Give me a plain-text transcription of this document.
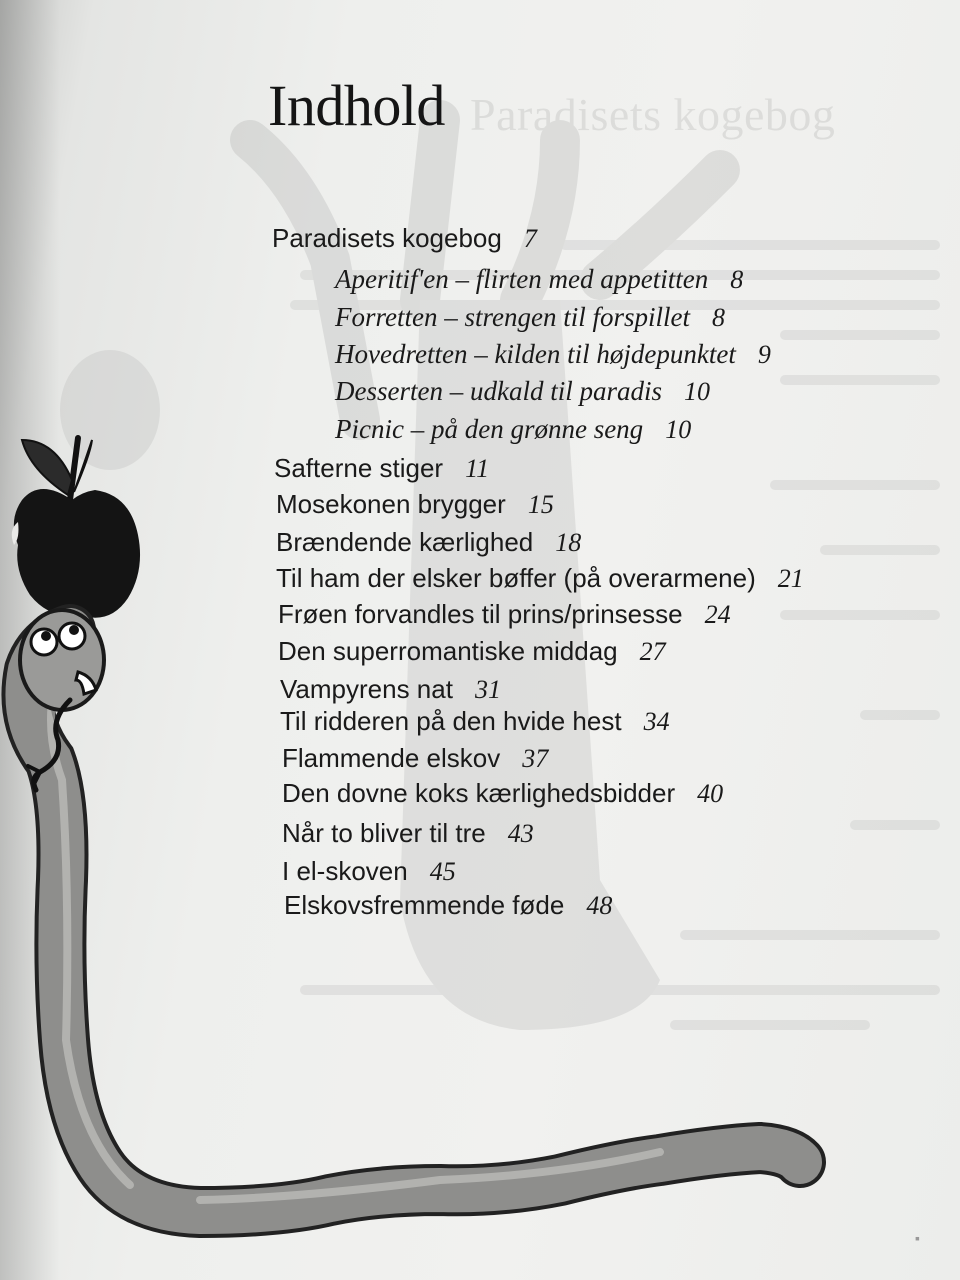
Paradisets kogebog
Indhold
Paradisets kogebog 7
Aperitif'en – flirten med appetitten 8
Forretten – strengen til forspillet 8
Hovedretten – kilden til højdepunktet 9
Desserten – udkald til paradis 10
Picnic – på den grønne seng 10
Safterne stiger 11
Mosekonen brygger 15
Brændende kærlighed 18
Til ham der elsker bøffer (på overarmene) 21
Frøen forvandles til prins/prinsesse 24
Den superromantiske middag 27
Vampyrens nat 31
Til ridderen på den hvide hest 34
Flammende elskov 37
Den dovne koks kærlighedsbidder 40
Når to bliver til tre 43
I el-skoven 45
Elskovsfremmende føde 48
▪
